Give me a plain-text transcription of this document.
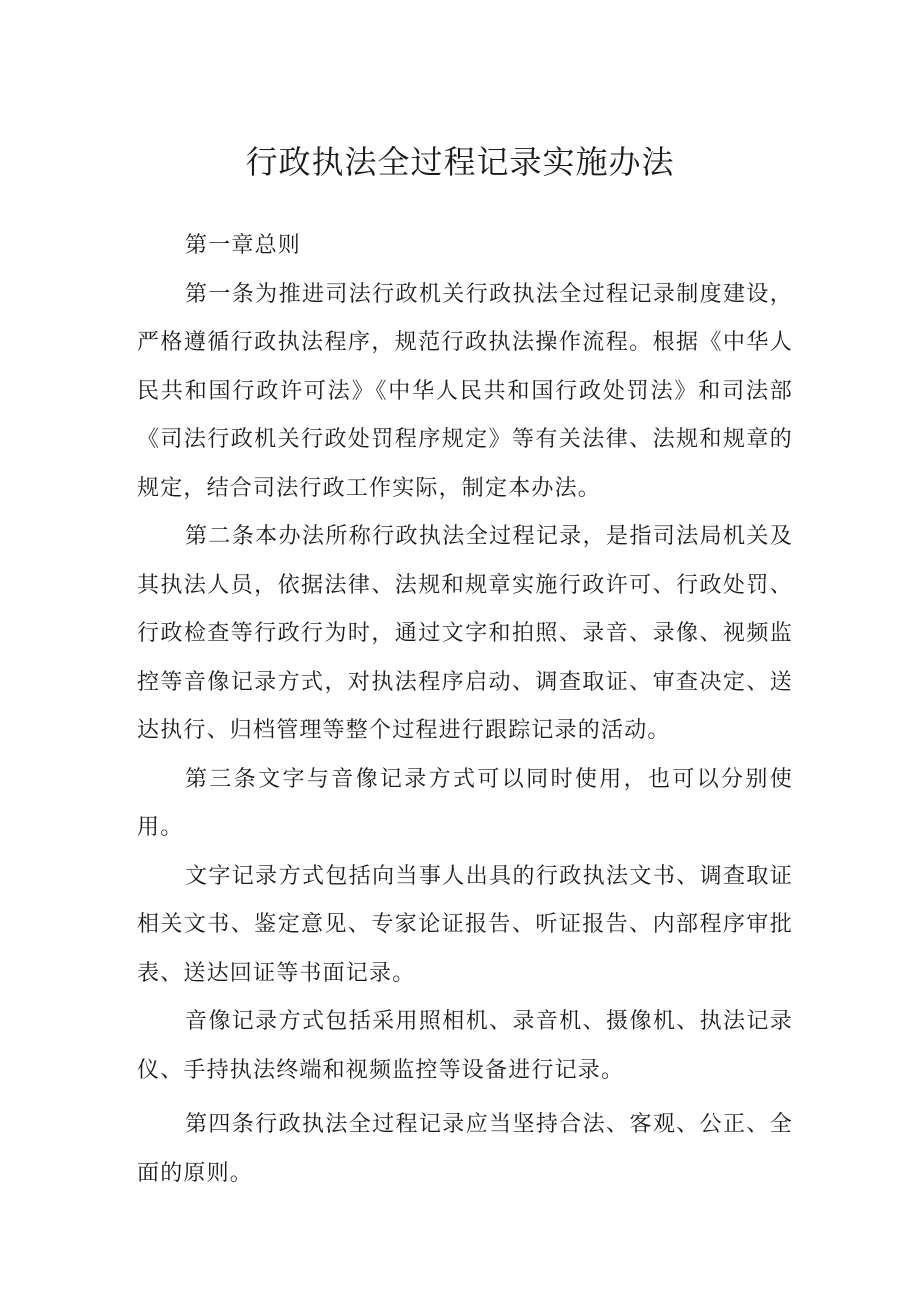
行政执法全过程记录实施办法

第一章总则

第一条为推进司法行政机关行政执法全过程记录制度建设，严格遵循行政执法程序，规范行政执法操作流程。根据《中华人民共和国行政许可法》《中华人民共和国行政处罚法》和司法部《司法行政机关行政处罚程序规定》等有关法律、法规和规章的规定，结合司法行政工作实际，制定本办法。

第二条本办法所称行政执法全过程记录，是指司法局机关及其执法人员，依据法律、法规和规章实施行政许可、行政处罚、行政检查等行政行为时，通过文字和拍照、录音、录像、视频监控等音像记录方式，对执法程序启动、调查取证、审查决定、送达执行、归档管理等整个过程进行跟踪记录的活动。

第三条文字与音像记录方式可以同时使用，也可以分别使用。

文字记录方式包括向当事人出具的行政执法文书、调查取证相关文书、鉴定意见、专家论证报告、听证报告、内部程序审批表、送达回证等书面记录。

音像记录方式包括采用照相机、录音机、摄像机、执法记录仪、手持执法终端和视频监控等设备进行记录。

第四条行政执法全过程记录应当坚持合法、客观、公正、全面的原则。
